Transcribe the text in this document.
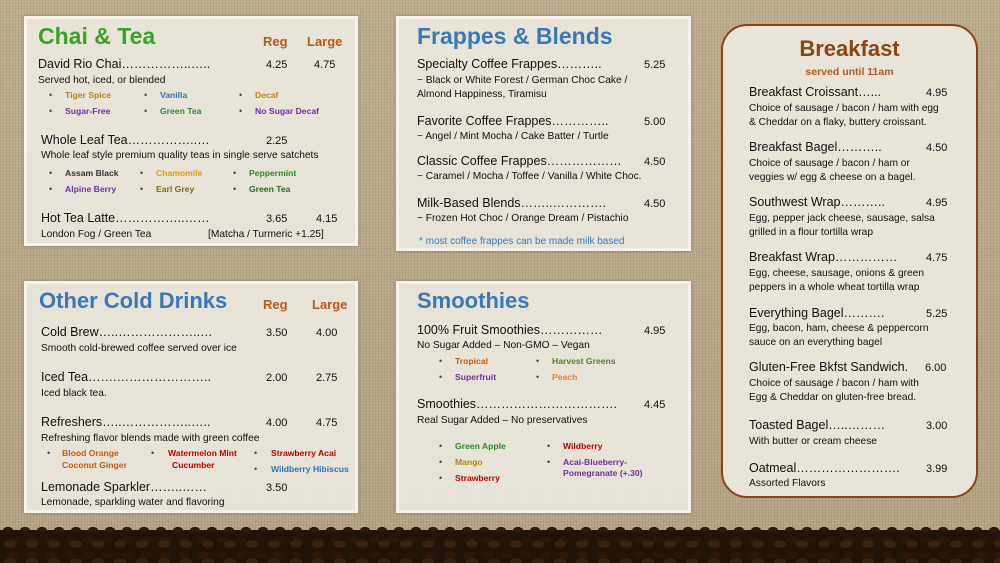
Chai & Tea	Reg Large
David Rio Chai……………..…..	4.25 4.75
Served hot, iced, or blended
• Tiger Spice	• Vanilla	• Decaf
• Sugar-Free	• Green Tea	• No Sugar Decaf
Whole Leaf Tea……………..…	2.25
Whole leaf style premium quality teas in single serve satchets
• Assam Black • Chamomile	• Peppermint
• Alpine Berry	• Earl Grey	• Green Tea
Hot Tea Latte……………..……	3.65	4.15
London Fog / Green Tea	[Matcha / Turmeric +1.25]
Frappes & Blends
Specialty Coffee Frappes………..	5.25
~ Black or White Forest / German Choc Cake /
Almond Happiness, Tiramisu
Favorite Coffee Frappes…………..	5.00
~ Angel / Mint Mocha / Cake Batter / Turtle
Classic Coffee Frappes……………… 4.50
~ Caramel / Mocha / Toffee / Vanilla / White Choc.
Milk-Based Blends……..………….	4.50
~ Frozen Hot Choc / Orange Dream / Pistachio
* most coffee frappes can be made milk based
Breakfast
served until 11am
Breakfast Croissant…...	4.95
Choice of sausage / bacon / ham with egg
& Cheddar on a flaky, buttery croissant.
Breakfast Bagel………..	4.50
Choice of sausage / bacon / ham or
veggies w/ egg & cheese on a bagel.
Southwest Wrap………..	4.95
Egg, pepper jack cheese, sausage, salsa
grilled in a flour tortilla wrap
Breakfast Wrap……………	4.75
Egg, cheese, sausage, onions & green
peppers in a whole wheat tortilla wrap
Everything Bagel……….	5.25
Egg, bacon, ham, cheese & peppercorn
sauce on an everything bagel
Gluten-Free Bkfst Sandwich. 6.00
Choice of sausage / bacon / ham with
Egg & Cheddar on gluten-free bread.
Toasted Bagel…..………	3.00
With butter or cream cheese
Oatmeal……………………. 3.99
Assorted Flavors
Other Cold Drinks	Reg Large
Cold Brew…..………………..…	3.50	4.00
Smooth cold-brewed coffee served over ice
Iced Tea…….…………………..	2.00	2.75
Iced black tea.
Refreshers…..……………..…..	4.00	4.75
Refreshing flavor blends made with green coffee
• Blood Orange
Coconut Ginger
• Watermelon Mint
Cucumber
• Strawberry Acai
• Wildberry Hibiscus
Lemonade Sparkler……..……	3.50
Lemonade, sparkling water and flavoring
Smoothies
100% Fruit Smoothies……………	4.95
No Sugar Added – Non-GMO – Vegan
• Tropical	• Harvest Greens
• Superfruit	• Peach
Smoothies……………………………. 4.45
Real Sugar Added – No preservatives
• Green Apple	• Wildberry
• Mango	• Acai-Blueberry-
Pomegranate (+.30)
• Strawberry
